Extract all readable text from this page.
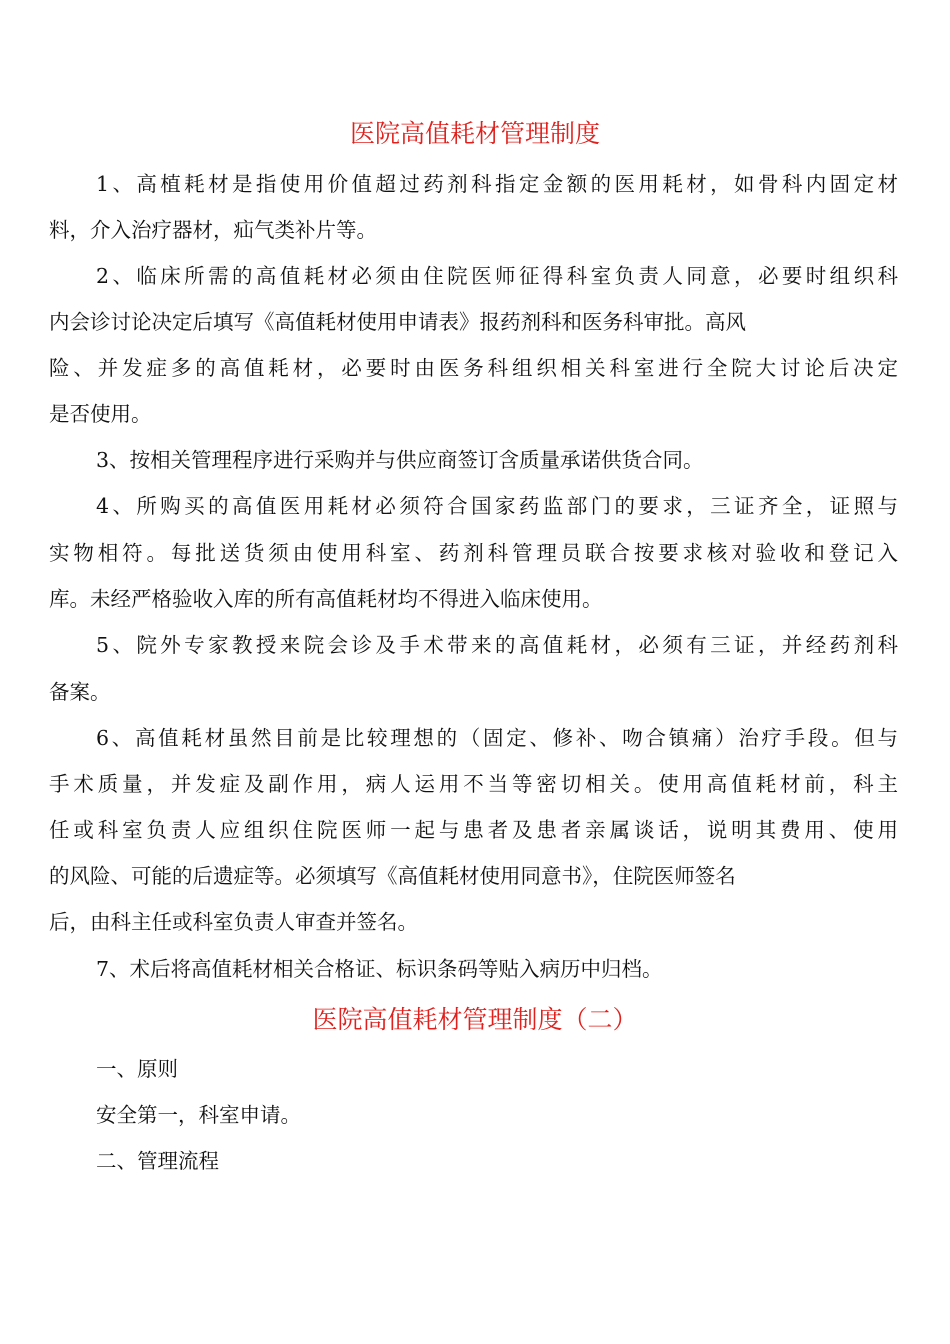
医院高值耗材管理制度
1、高植耗材是指使用价值超过药剂科指定金额的医用耗材，如骨科内固定材
料，介入治疗器材，疝气类补片等。
2、临床所需的高值耗材必须由住院医师征得科室负责人同意，必要时组织科
内会诊讨论决定后填写《高值耗材使用申请表》报药剂科和医务科审批。高风
险、并发症多的高值耗材，必要时由医务科组织相关科室进行全院大讨论后决定
是否使用。
3、按相关管理程序进行采购并与供应商签订含质量承诺供货合同。
4、所购买的高值医用耗材必须符合国家药监部门的要求，三证齐全，证照与
实物相符。每批送货须由使用科室、药剂科管理员联合按要求核对验收和登记入
库。未经严格验收入库的所有高值耗材均不得进入临床使用。
5、院外专家教授来院会诊及手术带来的高值耗材，必须有三证，并经药剂科
备案。
6、高值耗材虽然目前是比较理想的（固定、修补、吻合镇痛）治疗手段。但与
手术质量，并发症及副作用，病人运用不当等密切相关。使用高值耗材前，科主
任或科室负责人应组织住院医师一起与患者及患者亲属谈话，说明其费用、使用
的风险、可能的后遗症等。必须填写《高值耗材使用同意书》，住院医师签名
后，由科主任或科室负责人审查并签名。
7、术后将高值耗材相关合格证、标识条码等贴入病历中归档。
医院高值耗材管理制度（二）
一、原则
安全第一，科室申请。
二、管理流程
